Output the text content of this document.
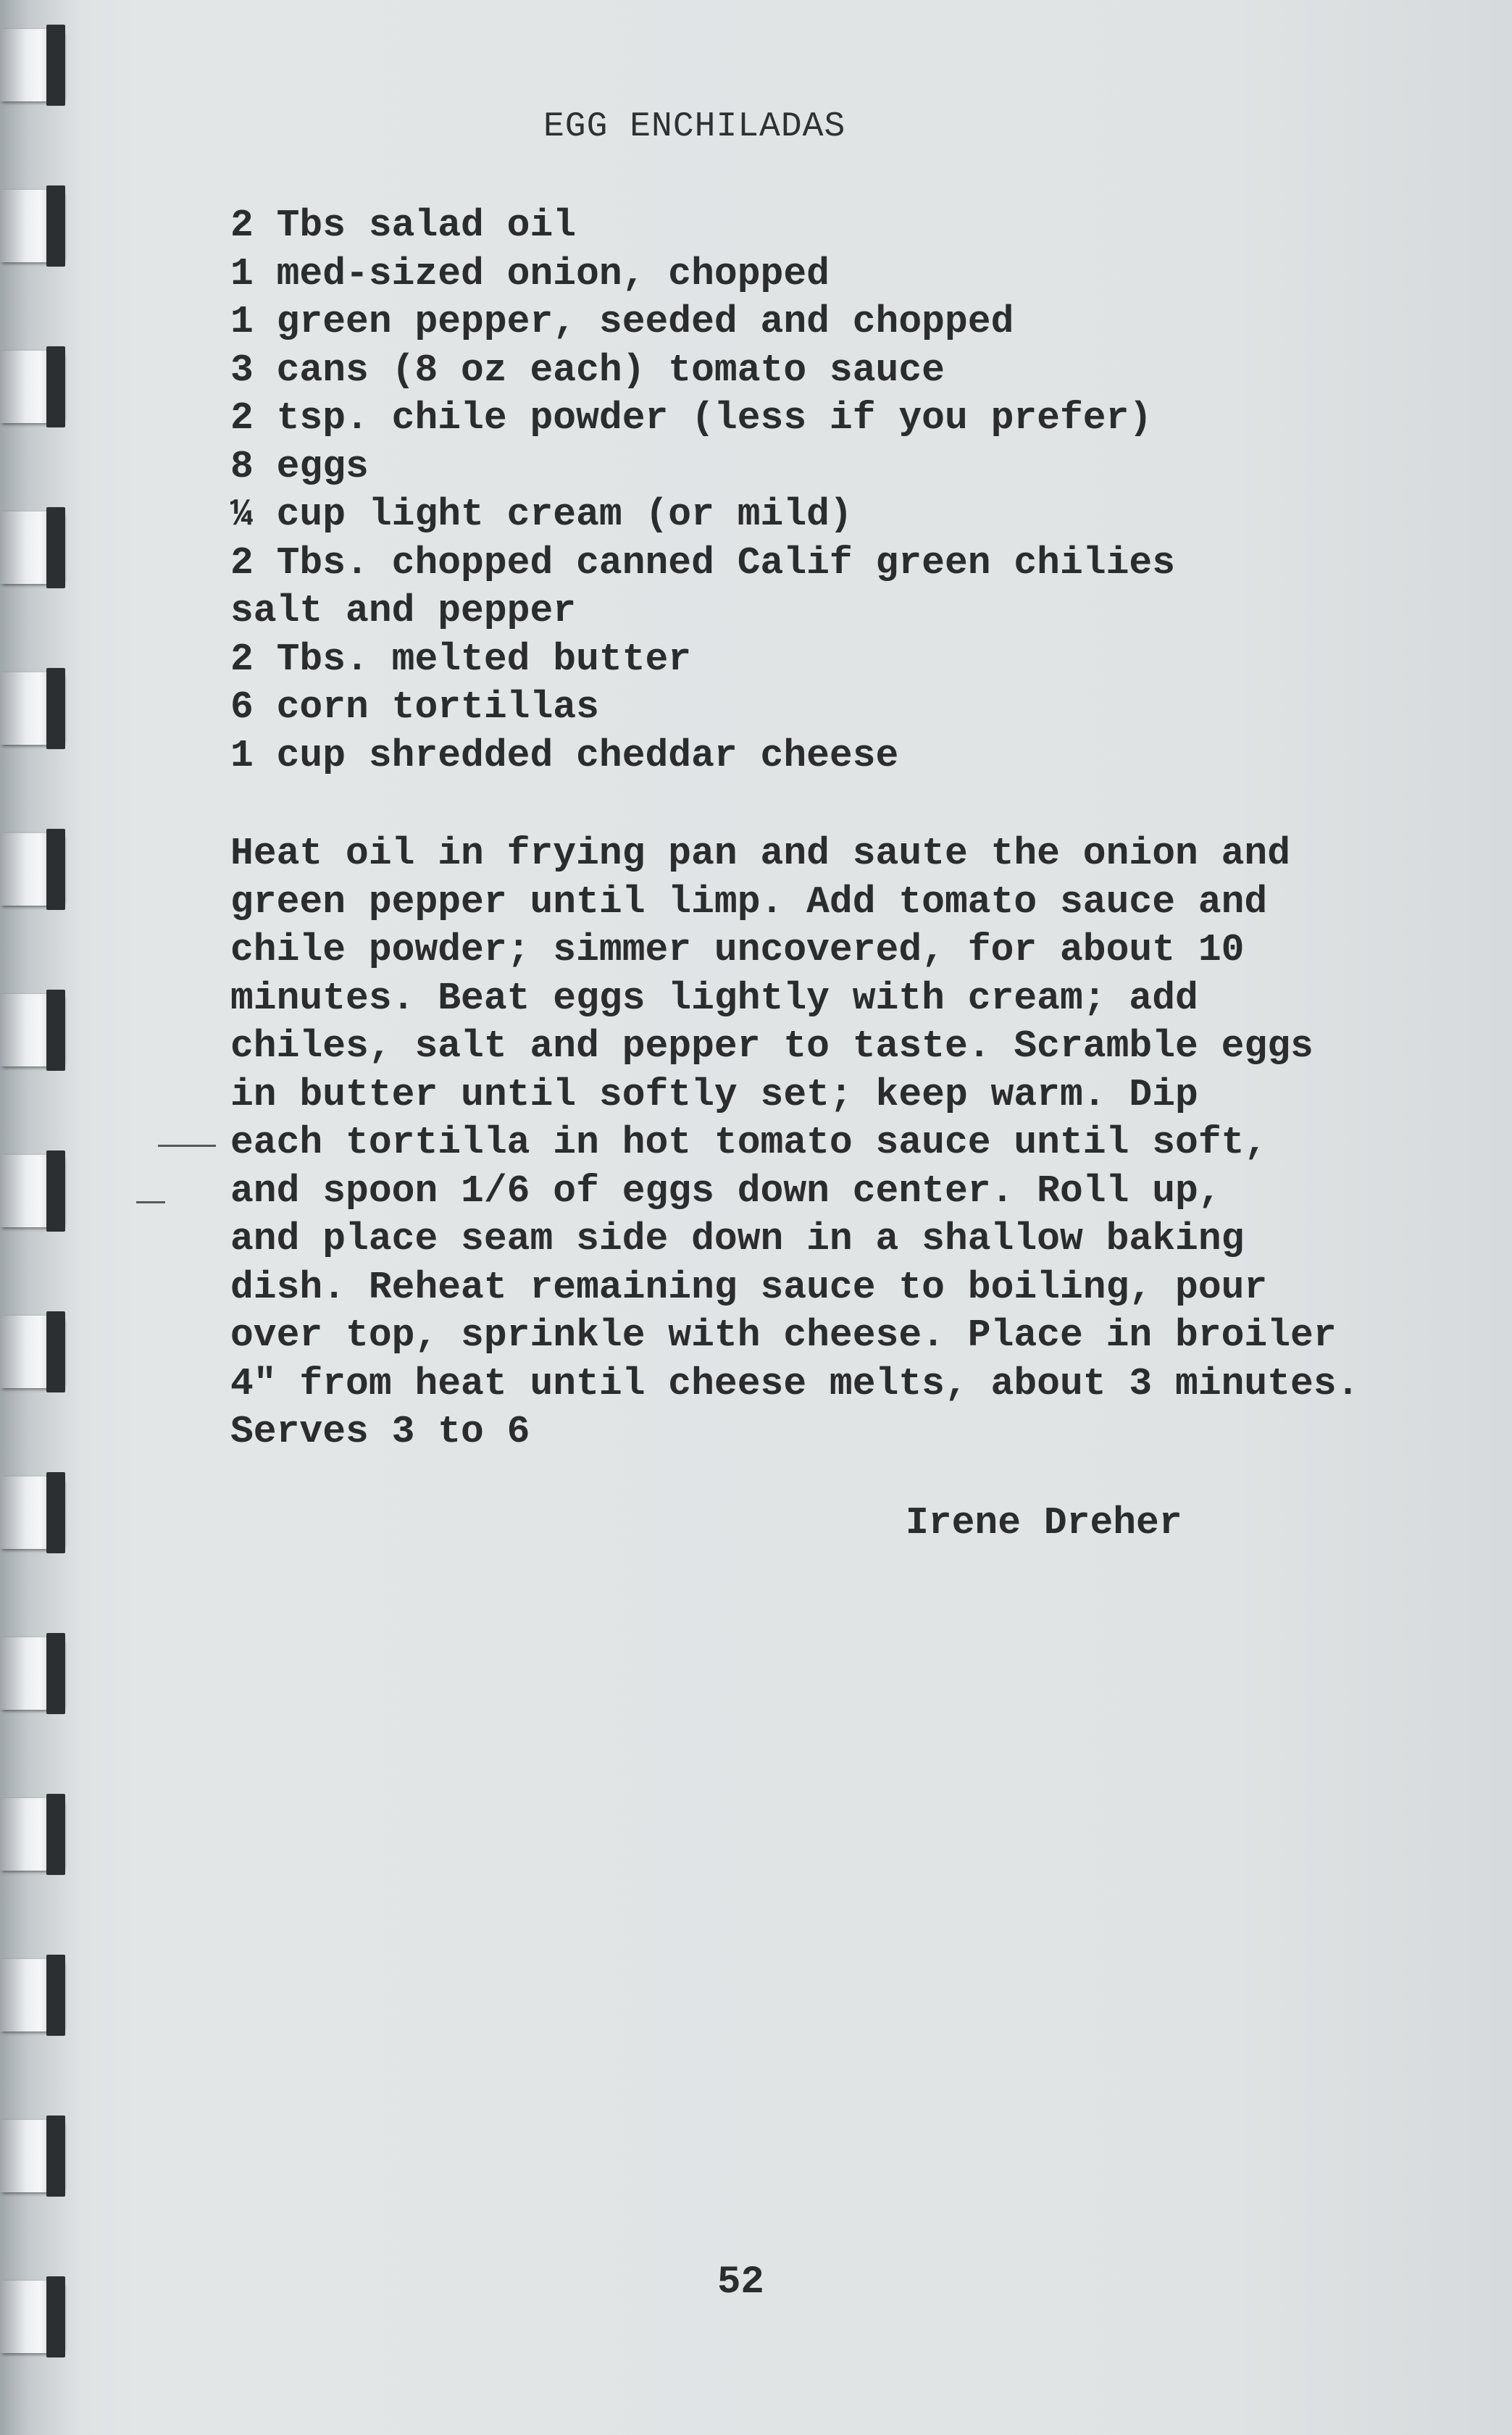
EGG ENCHILADAS
2 Tbs salad oil
1 med-sized onion, chopped
1 green pepper, seeded and chopped
3 cans (8 oz each) tomato sauce
2 tsp. chile powder (less if you prefer)
8 eggs
¼ cup light cream (or mild)
2 Tbs. chopped canned Calif green chilies
salt and pepper
2 Tbs. melted butter
6 corn tortillas
1 cup shredded cheddar cheese

Heat oil in frying pan and saute the onion and
green pepper until limp. Add tomato sauce and
chile powder; simmer uncovered, for about 10
minutes. Beat eggs lightly with cream; add
chiles, salt and pepper to taste. Scramble eggs
in butter until softly set; keep warm. Dip
each tortilla in hot tomato sauce until soft,
and spoon 1/6 of eggs down center. Roll up,
and place seam side down in a shallow baking
dish. Reheat remaining sauce to boiling, pour
over top, sprinkle with cheese. Place in broiler
4" from heat until cheese melts, about 3 minutes.
Serves 3 to 6

Irene Dreher
52
